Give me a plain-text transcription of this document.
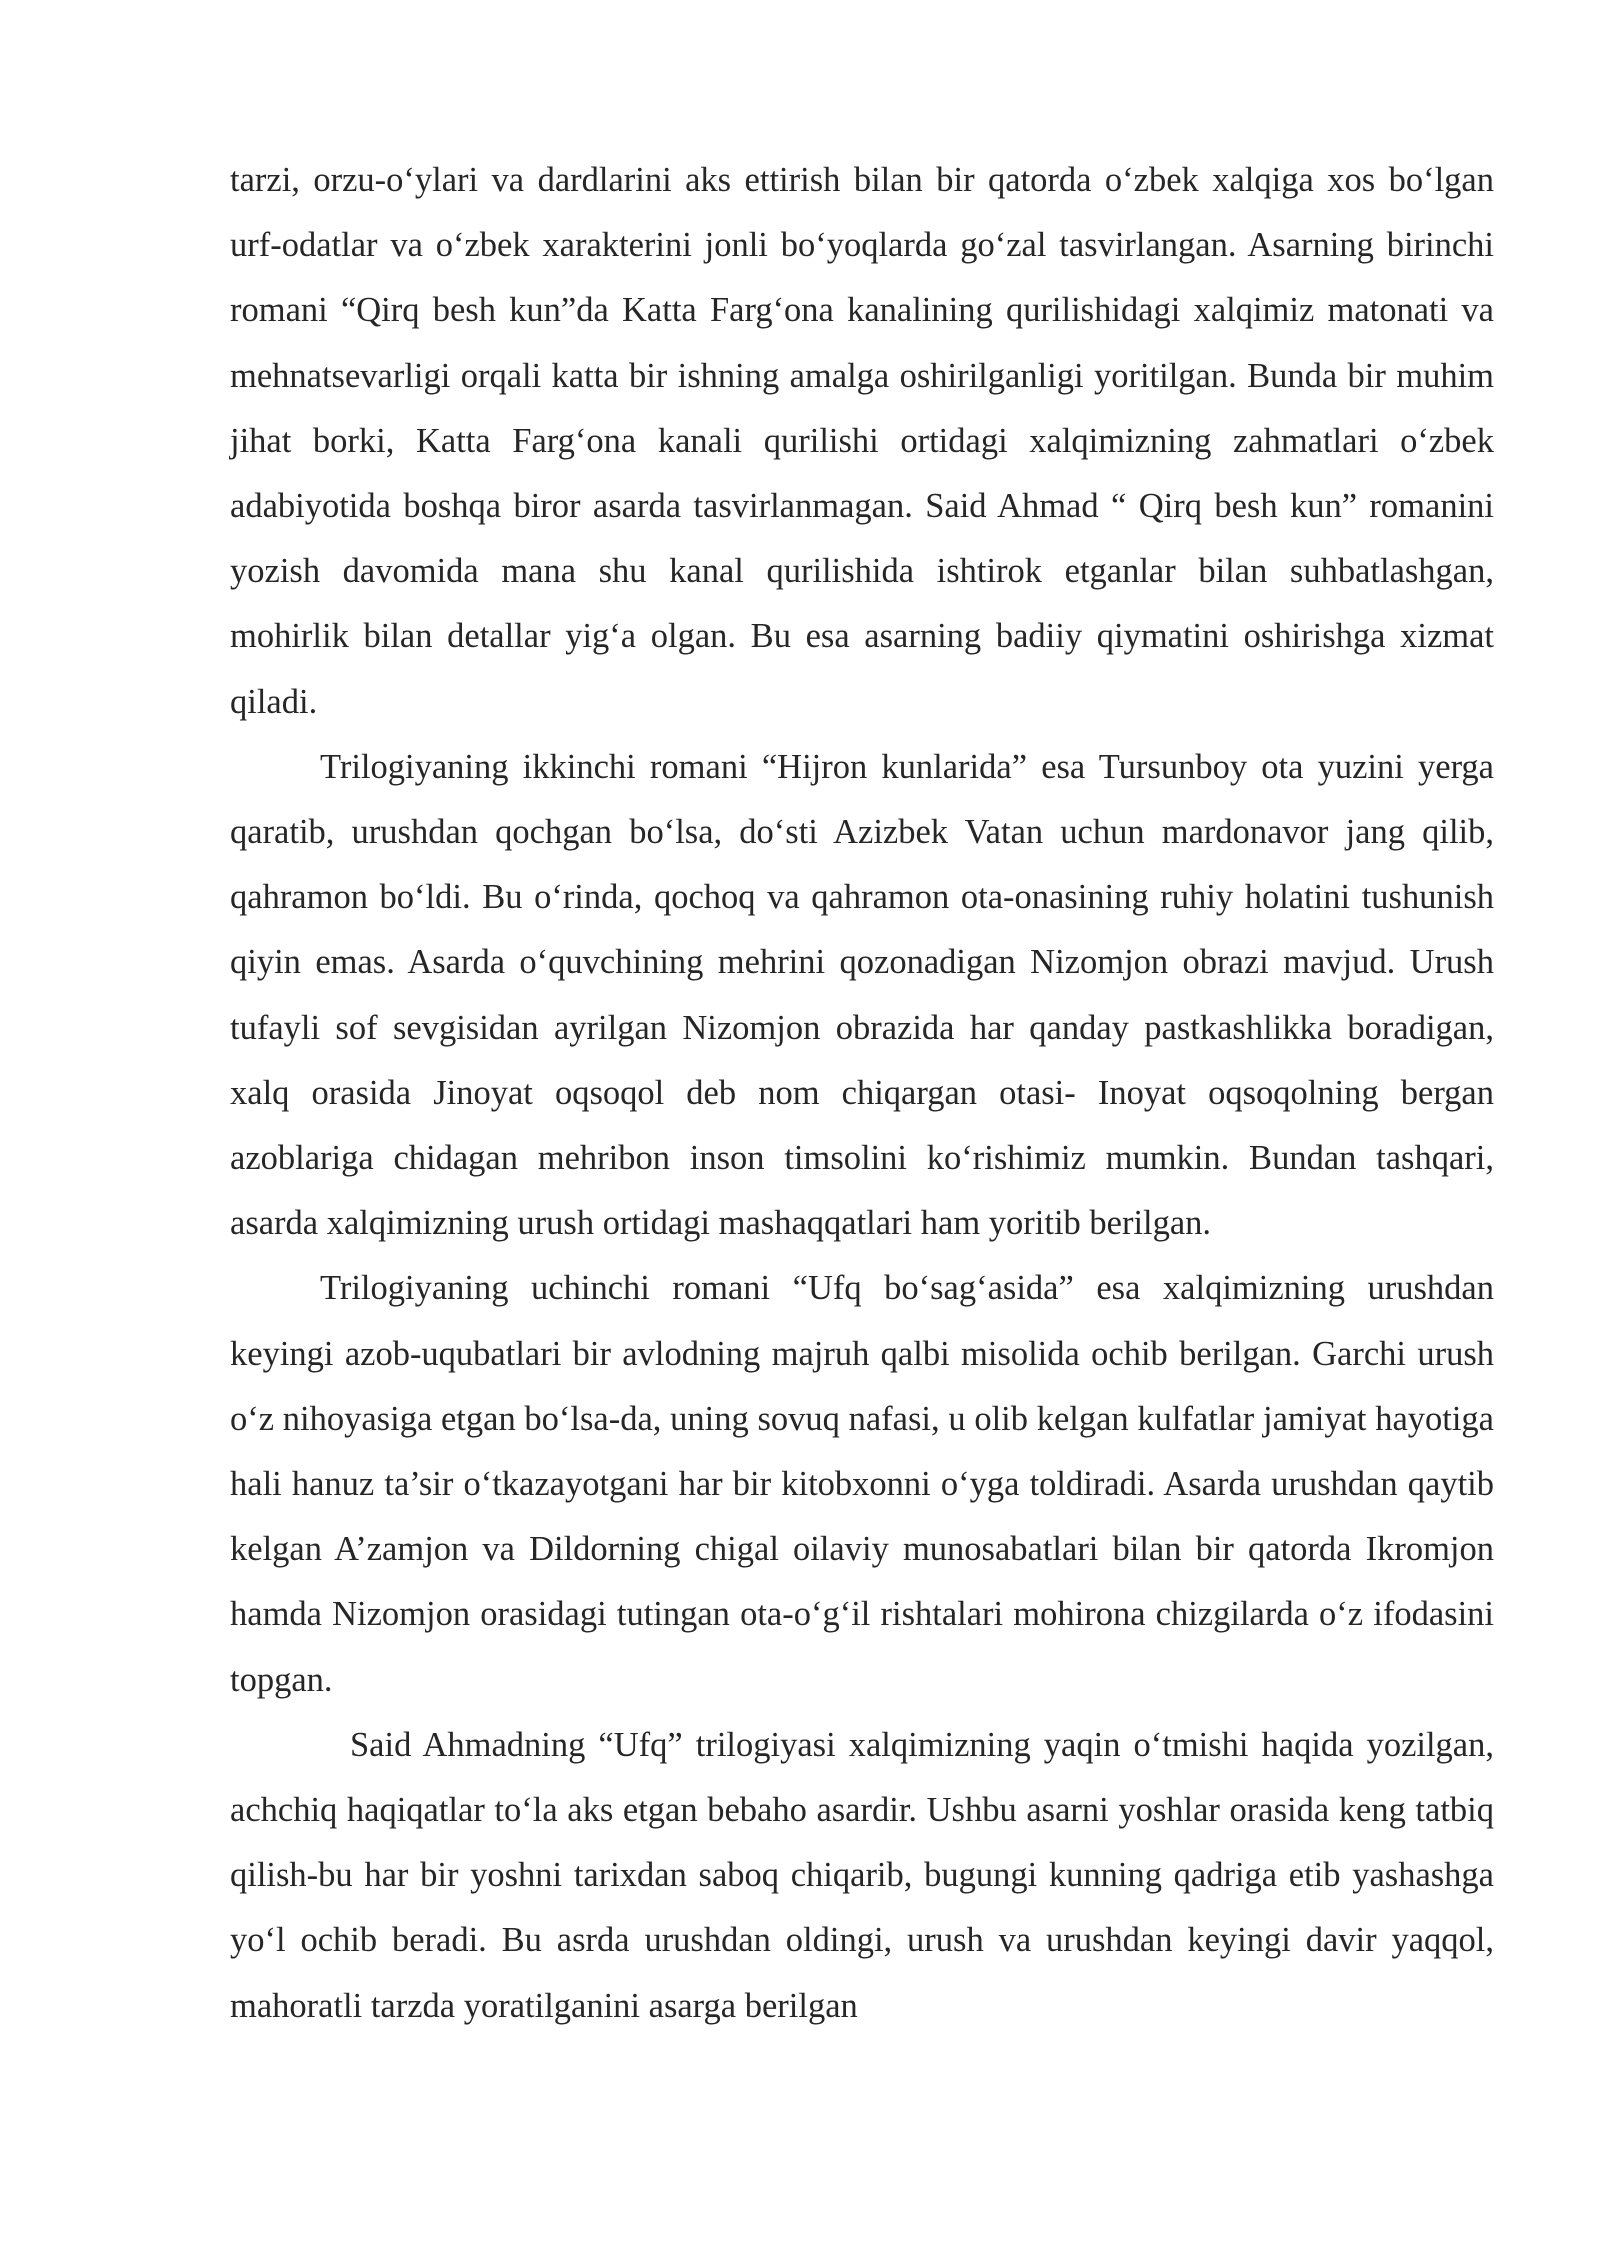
tarzi, orzu-o‘ylari va dardlarini aks ettirish bilan bir qatorda o‘zbek xalqiga xos bo‘lgan urf-odatlar va o‘zbek xarakterini jonli bo‘yoqlarda go‘zal tasvirlangan. Asarning birinchi romani “Qirq besh kun”da Katta Farg‘ona kanalining qurilishidagi xalqimiz matonati va mehnatsevarligi orqali katta bir ishning amalga oshirilganligi yoritilgan. Bunda bir muhim jihat borki, Katta Farg‘ona kanali qurilishi ortidagi xalqimizning zahmatlari o‘zbek adabiyotida boshqa biror asarda tasvirlanmagan. Said Ahmad “ Qirq besh kun” romanini yozish davomida mana shu kanal qurilishida ishtirok etganlar bilan suhbatlashgan, mohirlik bilan detallar yig‘a olgan. Bu esa asarning badiiy qiymatini oshirishga xizmat qiladi.

Trilogiyaning ikkinchi romani “Hijron kunlarida” esa Tursunboy ota yuzini yerga qaratib, urushdan qochgan bo‘lsa, do‘sti Azizbek Vatan uchun mardonavor jang qilib, qahramon bo‘ldi. Bu o‘rinda, qochoq va qahramon ota-onasining ruhiy holatini tushunish qiyin emas. Asarda o‘quvchining mehrini qozonadigan Nizomjon obrazi mavjud. Urush tufayli sof sevgisidan ayrilgan Nizomjon obrazida har qanday pastkashlikka boradigan, xalq orasida Jinoyat oqsoqol deb nom chiqargan otasi- Inoyat oqsoqolning bergan azoblariga chidagan mehribon inson timsolini ko‘rishimiz mumkin. Bundan tashqari, asarda xalqimizning urush ortidagi mashaqqatlari ham yoritib berilgan.

Trilogiyaning uchinchi romani “Ufq bo‘sag‘asida” esa xalqimizning urushdan keyingi azob-uqubatlari bir avlodning majruh qalbi misolida ochib berilgan. Garchi urush o‘z nihoyasiga etgan bo‘lsa-da, uning sovuq nafasi, u olib kelgan kulfatlar jamiyat hayotiga hali hanuz ta’sir o‘tkazayotgani har bir kitobxonni o‘yga toldiradi. Asarda urushdan qaytib kelgan A’zamjon va Dildorning chigal oilaviy munosabatlari bilan bir qatorda Ikromjon hamda Nizomjon orasidagi tutingan ota-o‘g‘il rishtalari mohirona chizgilarda o‘z ifodasini topgan.

Said Ahmadning “Ufq” trilogiyasi xalqimizning yaqin o‘tmishi haqida yozilgan, achchiq haqiqatlar to‘la aks etgan bebaho asardir. Ushbu asarni yoshlar orasida keng tatbiq qilish-bu har bir yoshni tarixdan saboq chiqarib, bugungi kunning qadriga etib yashashga yo‘l ochib beradi. Bu asrda urushdan oldingi, urush va urushdan keyingi davir yaqqol, mahoratli tarzda yoratilganini asarga berilgan
